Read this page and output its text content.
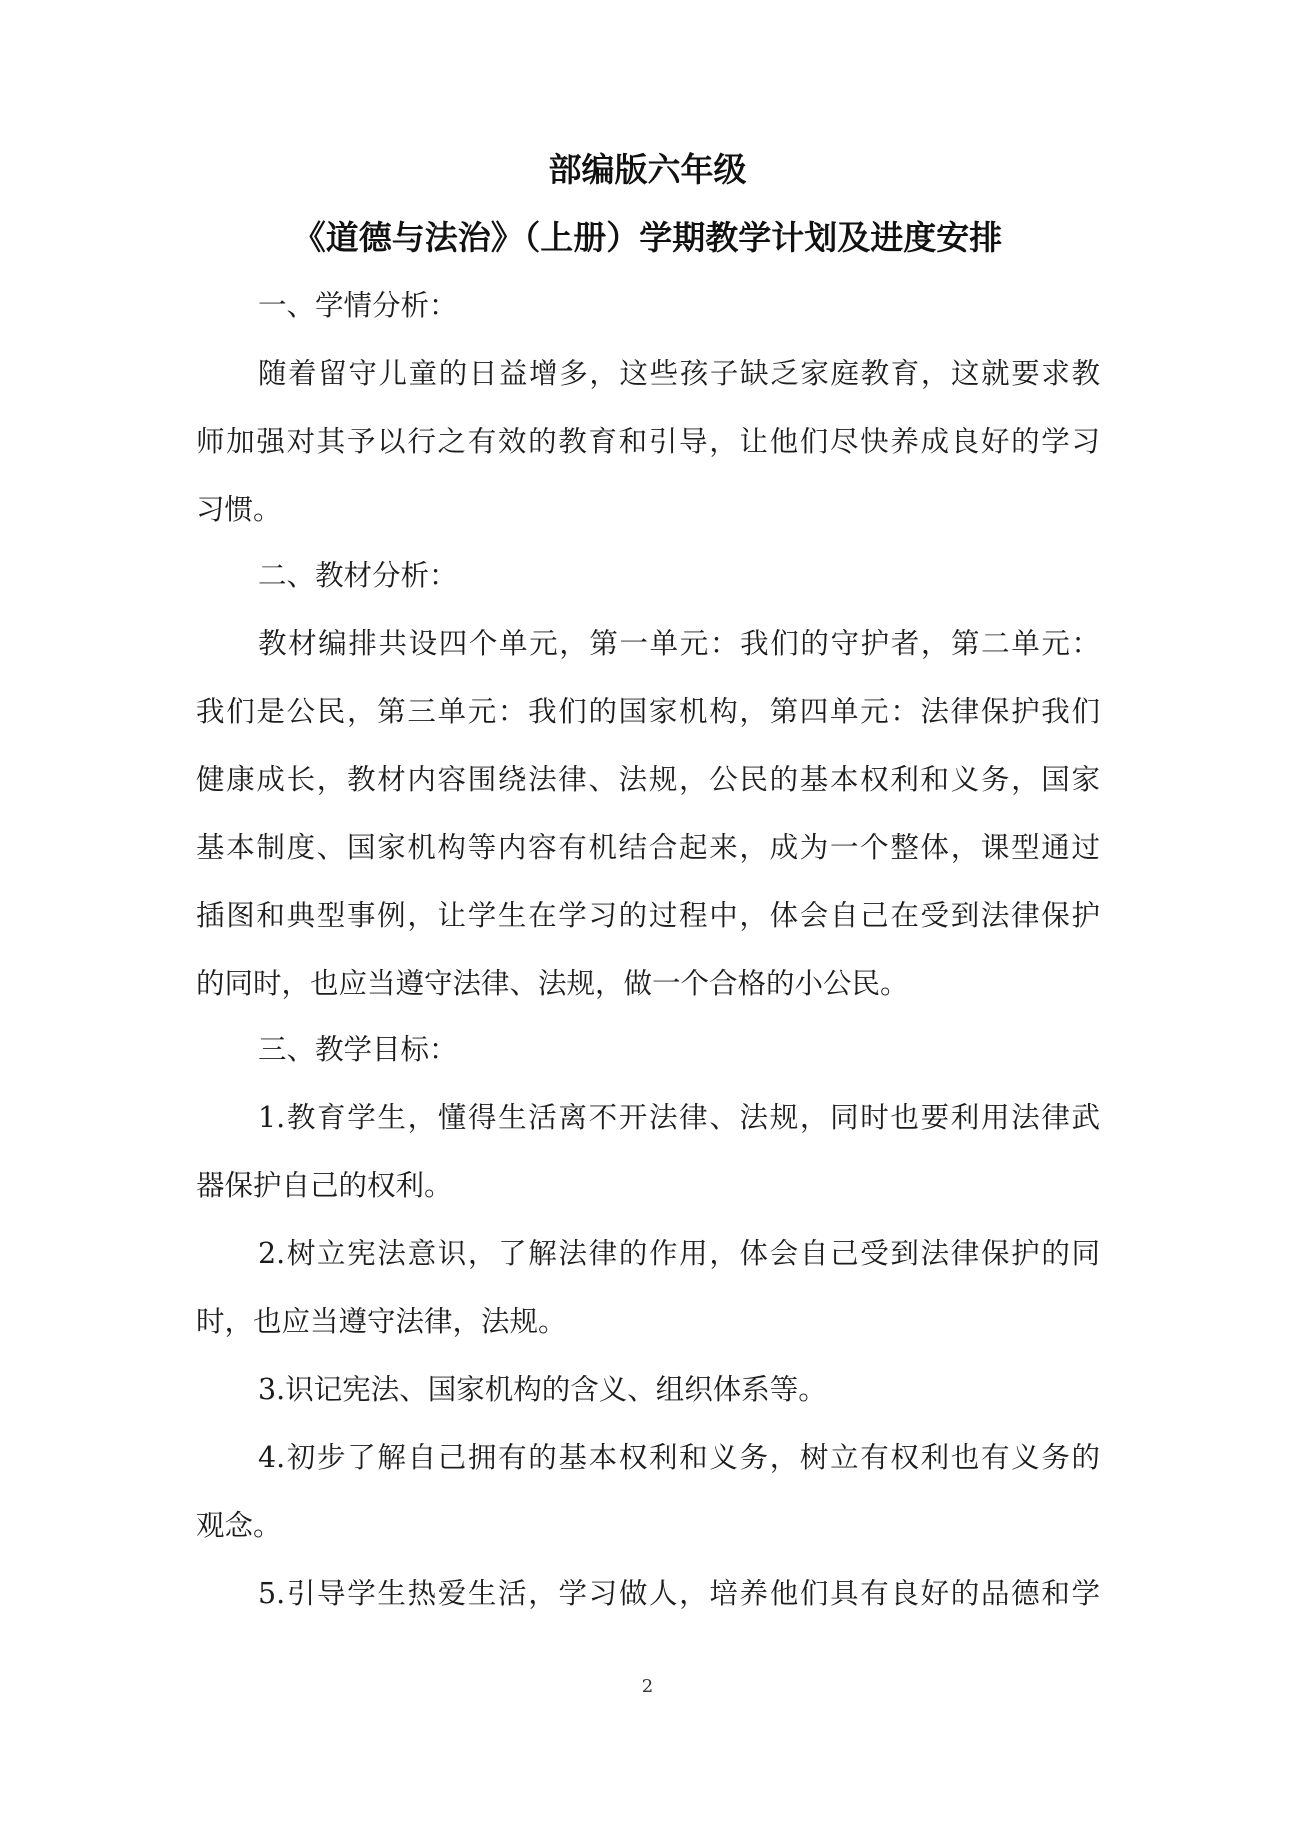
部编版六年级
《道德与法治》（上册）学期教学计划及进度安排
一、学情分析：
随着留守儿童的日益增多，这些孩子缺乏家庭教育，这就要求教
师加强对其予以行之有效的教育和引导，让他们尽快养成良好的学习
习惯。
二、教材分析：
教材编排共设四个单元，第一单元：我们的守护者，第二单元：
我们是公民，第三单元：我们的国家机构，第四单元：法律保护我们
健康成长，教材内容围绕法律、法规，公民的基本权利和义务，国家
基本制度、国家机构等内容有机结合起来，成为一个整体，课型通过
插图和典型事例，让学生在学习的过程中，体会自己在受到法律保护
的同时，也应当遵守法律、法规，做一个合格的小公民。
三、教学目标：
1.教育学生，懂得生活离不开法律、法规，同时也要利用法律武
器保护自己的权利。
2.树立宪法意识，了解法律的作用，体会自己受到法律保护的同
时，也应当遵守法律，法规。
3.识记宪法、国家机构的含义、组织体系等。
4.初步了解自己拥有的基本权利和义务，树立有权利也有义务的
观念。
5.引导学生热爱生活，学习做人，培养他们具有良好的品德和学
2
